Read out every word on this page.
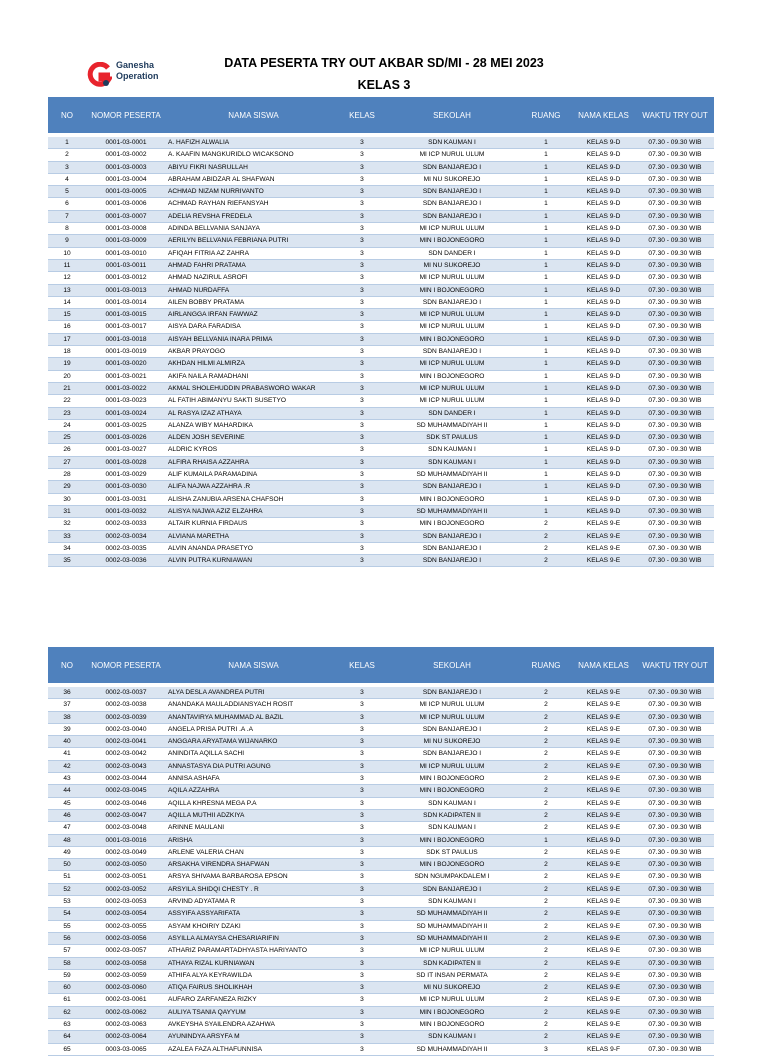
Ganesha
Operation
DATA PESERTA TRY OUT AKBAR SD/MI - 28 MEI 2023
KELAS 3
NO	NOMOR PESERTA	NAMA SISWA	KELAS	SEKOLAH	RUANG	NAMA KELAS	WAKTU TRY OUT

1	0001-03-0001	A. HAFIZH ALWALIA	3	SDN KAUMAN I	1	KELAS 9-D	07.30 - 09.30 WIB
2	0001-03-0002	A. KAAFIN MANGKURIDLO WICAKSONO	3	MI ICP NURUL ULUM	1	KELAS 9-D	07.30 - 09.30 WIB
3	0001-03-0003	ABIYU FIKRI NASRULLAH	3	SDN BANJAREJO I	1	KELAS 9-D	07.30 - 09.30 WIB
4	0001-03-0004	ABRAHAM ABIDZAR AL SHAFWAN	3	MI NU SUKOREJO	1	KELAS 9-D	07.30 - 09.30 WIB
5	0001-03-0005	ACHMAD NIZAM NURRIVANTO	3	SDN BANJAREJO I	1	KELAS 9-D	07.30 - 09.30 WIB
6	0001-03-0006	ACHMAD RAYHAN RIEFANSYAH	3	SDN BANJAREJO I	1	KELAS 9-D	07.30 - 09.30 WIB
7	0001-03-0007	ADELIA REVSHA FREDELA	3	SDN BANJAREJO I	1	KELAS 9-D	07.30 - 09.30 WIB
8	0001-03-0008	ADINDA BELLVANIA SANJAYA	3	MI ICP NURUL ULUM	1	KELAS 9-D	07.30 - 09.30 WIB
9	0001-03-0009	AERILYN BELLVANIA FEBRIANA PUTRI	3	MIN I BOJONEGORO	1	KELAS 9-D	07.30 - 09.30 WIB
10	0001-03-0010	AFIQAH FITRIA AZ ZAHRA	3	SDN DANDER I	1	KELAS 9-D	07.30 - 09.30 WIB
11	0001-03-0011	AHMAD FAHRI PRATAMA	3	MI NU SUKOREJO	1	KELAS 9-D	07.30 - 09.30 WIB
12	0001-03-0012	AHMAD NAZIRUL ASROFI	3	MI ICP NURUL ULUM	1	KELAS 9-D	07.30 - 09.30 WIB
13	0001-03-0013	AHMAD NURDAFFA	3	MIN I BOJONEGORO	1	KELAS 9-D	07.30 - 09.30 WIB
14	0001-03-0014	AILEN BOBBY PRATAMA	3	SDN BANJAREJO I	1	KELAS 9-D	07.30 - 09.30 WIB
15	0001-03-0015	AIRLANGGA IRFAN FAWWAZ	3	MI ICP NURUL ULUM	1	KELAS 9-D	07.30 - 09.30 WIB
16	0001-03-0017	AISYA DARA FARADISA	3	MI ICP NURUL ULUM	1	KELAS 9-D	07.30 - 09.30 WIB
17	0001-03-0018	AISYAH BELLVANIA INARA PRIMA	3	MIN I BOJONEGORO	1	KELAS 9-D	07.30 - 09.30 WIB
18	0001-03-0019	AKBAR PRAYOGO	3	SDN BANJAREJO I	1	KELAS 9-D	07.30 - 09.30 WIB
19	0001-03-0020	AKHDAN HILMI ALMIRZA	3	MI ICP NURUL ULUM	1	KELAS 9-D	07.30 - 09.30 WIB
20	0001-03-0021	AKIFA NAILA RAMADHANI	3	MIN I BOJONEGORO	1	KELAS 9-D	07.30 - 09.30 WIB
21	0001-03-0022	AKMAL SHOLEHUDDIN PRABASWORO WAKAR	3	MI ICP NURUL ULUM	1	KELAS 9-D	07.30 - 09.30 WIB
22	0001-03-0023	AL FATIH ABIMANYU SAKTI SUSETYO	3	MI ICP NURUL ULUM	1	KELAS 9-D	07.30 - 09.30 WIB
23	0001-03-0024	AL RASYA IZAZ ATHAYA	3	SDN DANDER I	1	KELAS 9-D	07.30 - 09.30 WIB
24	0001-03-0025	ALANZA WIBY MAHARDIKA	3	SD MUHAMMADIYAH II	1	KELAS 9-D	07.30 - 09.30 WIB
25	0001-03-0026	ALDEN JOSH SEVERINE	3	SDK ST PAULUS	1	KELAS 9-D	07.30 - 09.30 WIB
26	0001-03-0027	ALDRIC KYROS	3	SDN KAUMAN I	1	KELAS 9-D	07.30 - 09.30 WIB
27	0001-03-0028	ALFIRA RHAISA AZZAHRA	3	SDN KAUMAN I	1	KELAS 9-D	07.30 - 09.30 WIB
28	0001-03-0029	ALIF KUMAILA PARAMADINA	3	SD MUHAMMADIYAH II	1	KELAS 9-D	07.30 - 09.30 WIB
29	0001-03-0030	ALIFA NAJWA AZZAHRA .R	3	SDN BANJAREJO I	1	KELAS 9-D	07.30 - 09.30 WIB
30	0001-03-0031	ALISHA ZANUBIA ARSENA CHAFSOH	3	MIN I BOJONEGORO	1	KELAS 9-D	07.30 - 09.30 WIB
31	0001-03-0032	ALISYA NAJWA AZIZ ELZAHRA	3	SD MUHAMMADIYAH II	1	KELAS 9-D	07.30 - 09.30 WIB
32	0002-03-0033	ALTAIR KURNIA FIRDAUS	3	MIN I BOJONEGORO	2	KELAS 9-E	07.30 - 09.30 WIB
33	0002-03-0034	ALVIANA MARETHA	3	SDN BANJAREJO I	2	KELAS 9-E	07.30 - 09.30 WIB
34	0002-03-0035	ALVIN ANANDA PRASETYO	3	SDN BANJAREJO I	2	KELAS 9-E	07.30 - 09.30 WIB
35	0002-03-0036	ALVIN PUTRA KURNIAWAN	3	SDN BANJAREJO I	2	KELAS 9-E	07.30 - 09.30 WIB
NO	NOMOR PESERTA	NAMA SISWA	KELAS	SEKOLAH	RUANG	NAMA KELAS	WAKTU TRY OUT

36	0002-03-0037	ALYA DESLA AVANDREA PUTRI	3	SDN BANJAREJO I	2	KELAS 9-E	07.30 - 09.30 WIB
37	0002-03-0038	ANANDAKA MAULADDIANSYACH ROSIT	3	MI ICP NURUL ULUM	2	KELAS 9-E	07.30 - 09.30 WIB
38	0002-03-0039	ANANTAVIRYA MUHAMMAD AL BAZIL	3	MI ICP NURUL ULUM	2	KELAS 9-E	07.30 - 09.30 WIB
39	0002-03-0040	ANGELA PRISA PUTRI .A .A	3	SDN BANJAREJO I	2	KELAS 9-E	07.30 - 09.30 WIB
40	0002-03-0041	ANGGARA ARYATAMA WIJANARKO	3	MI NU SUKOREJO	2	KELAS 9-E	07.30 - 09.30 WIB
41	0002-03-0042	ANINDITA AQILLA SACHI	3	SDN BANJAREJO I	2	KELAS 9-E	07.30 - 09.30 WIB
42	0002-03-0043	ANNASTASYA DIA PUTRI AGUNG	3	MI ICP NURUL ULUM	2	KELAS 9-E	07.30 - 09.30 WIB
43	0002-03-0044	ANNISA ASHAFA	3	MIN I BOJONEGORO	2	KELAS 9-E	07.30 - 09.30 WIB
44	0002-03-0045	AQILA AZZAHRA	3	MIN I BOJONEGORO	2	KELAS 9-E	07.30 - 09.30 WIB
45	0002-03-0046	AQILLA KHRESNA MEGA P.A	3	SDN KAUMAN I	2	KELAS 9-E	07.30 - 09.30 WIB
46	0002-03-0047	AQILLA MUTHII ADZKIYA	3	SDN KADIPATEN II	2	KELAS 9-E	07.30 - 09.30 WIB
47	0002-03-0048	ARINNE MAULANI	3	SDN KAUMAN I	2	KELAS 9-E	07.30 - 09.30 WIB
48	0001-03-0016	ARISHA	3	MIN I BOJONEGORO	1	KELAS 9-D	07.30 - 09.30 WIB
49	0002-03-0049	ARLENE VALERIA CHAN	3	SDK ST PAULUS	2	KELAS 9-E	07.30 - 09.30 WIB
50	0002-03-0050	ARSAKHA VIRENDRA SHAFWAN	3	MIN I BOJONEGORO	2	KELAS 9-E	07.30 - 09.30 WIB
51	0002-03-0051	ARSYA SHIVAMA BARBAROSA EPSON	3	SDN NGUMPAKDALEM I	2	KELAS 9-E	07.30 - 09.30 WIB
52	0002-03-0052	ARSYILA SHIDQI CHESTY . R	3	SDN BANJAREJO I	2	KELAS 9-E	07.30 - 09.30 WIB
53	0002-03-0053	ARVIND ADYATAMA R	3	SDN KAUMAN I	2	KELAS 9-E	07.30 - 09.30 WIB
54	0002-03-0054	ASSYIFA ASSYARIFATA	3	SD MUHAMMADIYAH II	2	KELAS 9-E	07.30 - 09.30 WIB
55	0002-03-0055	ASYAM KHOIRIY DZAKI	3	SD MUHAMMADIYAH II	2	KELAS 9-E	07.30 - 09.30 WIB
56	0002-03-0056	ASYILLA ALMAYSA CHESARIARIFIN	3	SD MUHAMMADIYAH II	2	KELAS 9-E	07.30 - 09.30 WIB
57	0002-03-0057	ATHARIZ PARAMARTADHYASTA HARIYANTO	3	MI ICP NURUL ULUM	2	KELAS 9-E	07.30 - 09.30 WIB
58	0002-03-0058	ATHAYA RIZAL KURNIAWAN	3	SDN KADIPATEN II	2	KELAS 9-E	07.30 - 09.30 WIB
59	0002-03-0059	ATHIFA ALYA KEYRAWILDA	3	SD IT INSAN PERMATA	2	KELAS 9-E	07.30 - 09.30 WIB
60	0002-03-0060	ATIQA FAIRUS SHOLIKHAH	3	MI NU SUKOREJO	2	KELAS 9-E	07.30 - 09.30 WIB
61	0002-03-0061	AUFARO ZARFANEZA RIZKY	3	MI ICP NURUL ULUM	2	KELAS 9-E	07.30 - 09.30 WIB
62	0002-03-0062	AULIYA TSANIA QAYYUM	3	MIN I BOJONEGORO	2	KELAS 9-E	07.30 - 09.30 WIB
63	0002-03-0063	AVKEYSHA SYAILENDRA AZAHWA	3	MIN I BOJONEGORO	2	KELAS 9-E	07.30 - 09.30 WIB
64	0002-03-0064	AYUNINDYA ARSYFA M	3	SDN KAUMAN I	2	KELAS 9-E	07.30 - 09.30 WIB
65	0003-03-0065	AZALEA FAZA ALTHAFUNNISA	3	SD MUHAMMADIYAH II	3	KELAS 9-F	07.30 - 09.30 WIB
